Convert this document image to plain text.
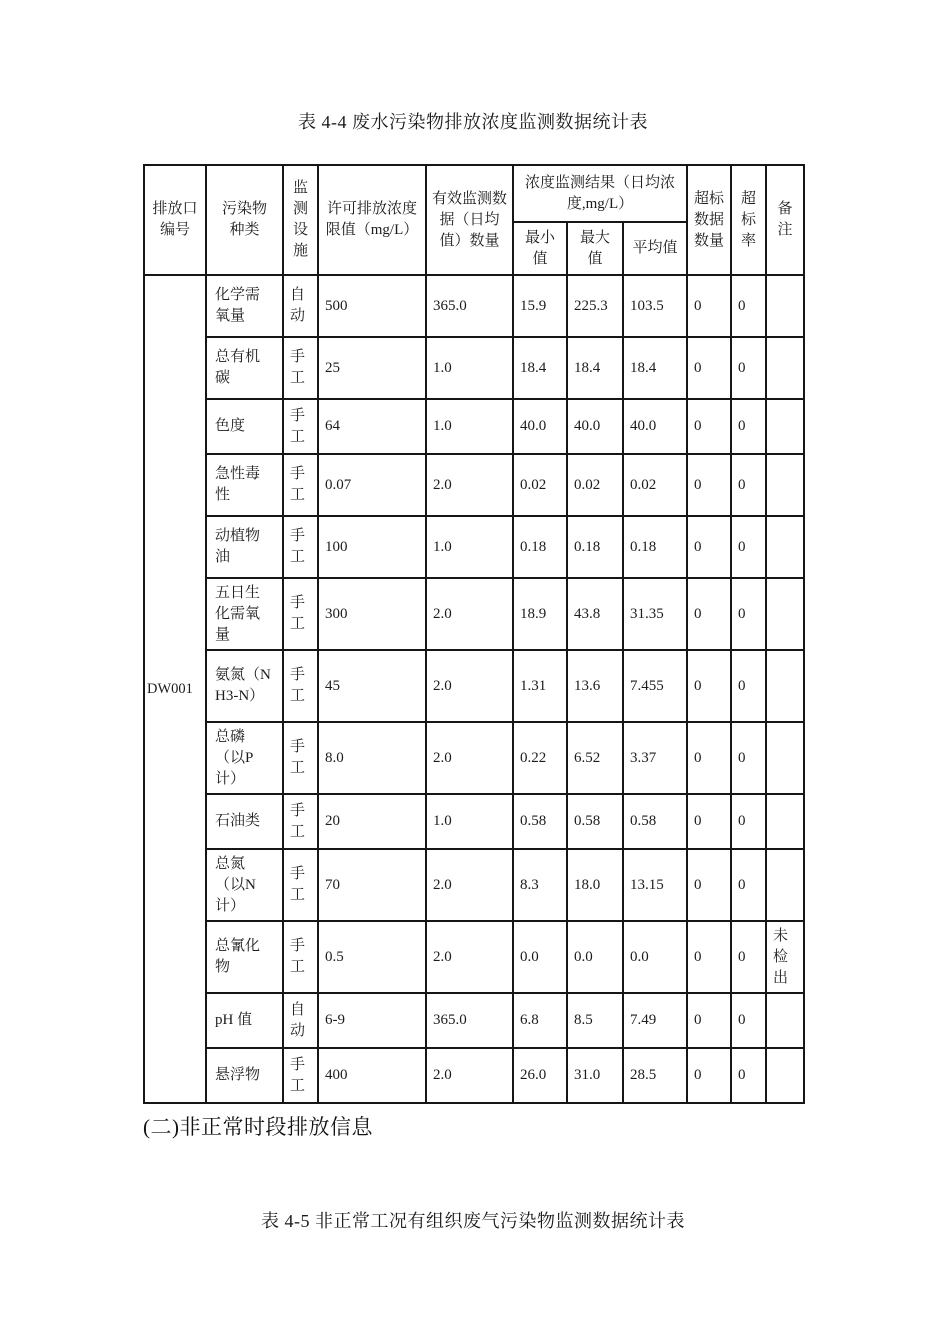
表 4-4 废水污染物排放浓度监测数据统计表
排放口编号	污染物种类	监测设施	许可排放浓度限值（mg/L）	有效监测数据（日均值）数量	浓度监测结果（日均浓度,mg/L）			超标数据数量	超标率	备注
					最小值	最大值	平均值			
DW001	化学需氧量	自动	500	365.0	15.9	225.3	103.5	0	0	
	总有机碳	手工	25	1.0	18.4	18.4	18.4	0	0	
	色度	手工	64	1.0	40.0	40.0	40.0	0	0	
	急性毒性	手工	0.07	2.0	0.02	0.02	0.02	0	0	
	动植物油	手工	100	1.0	0.18	0.18	0.18	0	0	
	五日生化需氧量	手工	300	2.0	18.9	43.8	31.35	0	0	
	氨氮（NH3-N）	手工	45	2.0	1.31	13.6	7.455	0	0	
	总磷（以P计）	手工	8.0	2.0	0.22	6.52	3.37	0	0	
	石油类	手工	20	1.0	0.58	0.58	0.58	0	0	
	总氮（以N计）	手工	70	2.0	8.3	18.0	13.15	0	0	
	总氰化物	手工	0.5	2.0	0.0	0.0	0.0	0	0	未检出
	pH 值	自动	6-9	365.0	6.8	8.5	7.49	0	0	
	悬浮物	手工	400	2.0	26.0	31.0	28.5	0	0	
(二)非正常时段排放信息
表 4-5 非正常工况有组织废气污染物监测数据统计表
